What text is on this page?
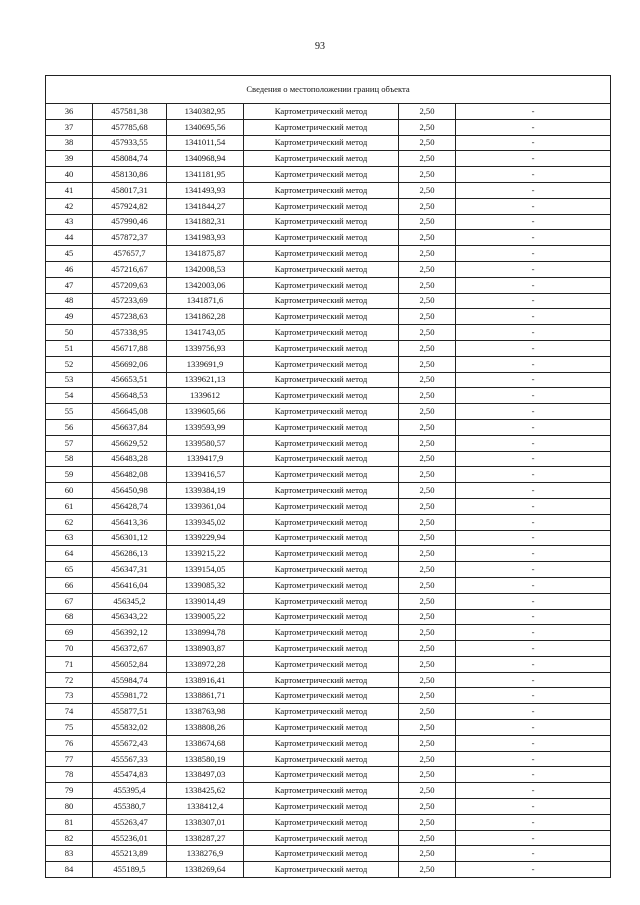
93
Сведения о местоположении границ объекта					
36	457581,38	1340382,95	Картометрический метод	2,50	-
37	457785,68	1340695,56	Картометрический метод	2,50	-
38	457933,55	1341011,54	Картометрический метод	2,50	-
39	458084,74	1340968,94	Картометрический метод	2,50	-
40	458130,86	1341181,95	Картометрический метод	2,50	-
41	458017,31	1341493,93	Картометрический метод	2,50	-
42	457924,82	1341844,27	Картометрический метод	2,50	-
43	457990,46	1341882,31	Картометрический метод	2,50	-
44	457872,37	1341983,93	Картометрический метод	2,50	-
45	457657,7	1341875,87	Картометрический метод	2,50	-
46	457216,67	1342008,53	Картометрический метод	2,50	-
47	457209,63	1342003,06	Картометрический метод	2,50	-
48	457233,69	1341871,6	Картометрический метод	2,50	-
49	457238,63	1341862,28	Картометрический метод	2,50	-
50	457338,95	1341743,05	Картометрический метод	2,50	-
51	456717,88	1339756,93	Картометрический метод	2,50	-
52	456692,06	1339691,9	Картометрический метод	2,50	-
53	456653,51	1339621,13	Картометрический метод	2,50	-
54	456648,53	1339612	Картометрический метод	2,50	-
55	456645,08	1339605,66	Картометрический метод	2,50	-
56	456637,84	1339593,99	Картометрический метод	2,50	-
57	456629,52	1339580,57	Картометрический метод	2,50	-
58	456483,28	1339417,9	Картометрический метод	2,50	-
59	456482,08	1339416,57	Картометрический метод	2,50	-
60	456450,98	1339384,19	Картометрический метод	2,50	-
61	456428,74	1339361,04	Картометрический метод	2,50	-
62	456413,36	1339345,02	Картометрический метод	2,50	-
63	456301,12	1339229,94	Картометрический метод	2,50	-
64	456286,13	1339215,22	Картометрический метод	2,50	-
65	456347,31	1339154,05	Картометрический метод	2,50	-
66	456416,04	1339085,32	Картометрический метод	2,50	-
67	456345,2	1339014,49	Картометрический метод	2,50	-
68	456343,22	1339005,22	Картометрический метод	2,50	-
69	456392,12	1338994,78	Картометрический метод	2,50	-
70	456372,67	1338903,87	Картометрический метод	2,50	-
71	456052,84	1338972,28	Картометрический метод	2,50	-
72	455984,74	1338916,41	Картометрический метод	2,50	-
73	455981,72	1338861,71	Картометрический метод	2,50	-
74	455877,51	1338763,98	Картометрический метод	2,50	-
75	455832,02	1338808,26	Картометрический метод	2,50	-
76	455672,43	1338674,68	Картометрический метод	2,50	-
77	455567,33	1338580,19	Картометрический метод	2,50	-
78	455474,83	1338497,03	Картометрический метод	2,50	-
79	455395,4	1338425,62	Картометрический метод	2,50	-
80	455380,7	1338412,4	Картометрический метод	2,50	-
81	455263,47	1338307,01	Картометрический метод	2,50	-
82	455236,01	1338287,27	Картометрический метод	2,50	-
83	455213,89	1338276,9	Картометрический метод	2,50	-
84	455189,5	1338269,64	Картометрический метод	2,50	-
